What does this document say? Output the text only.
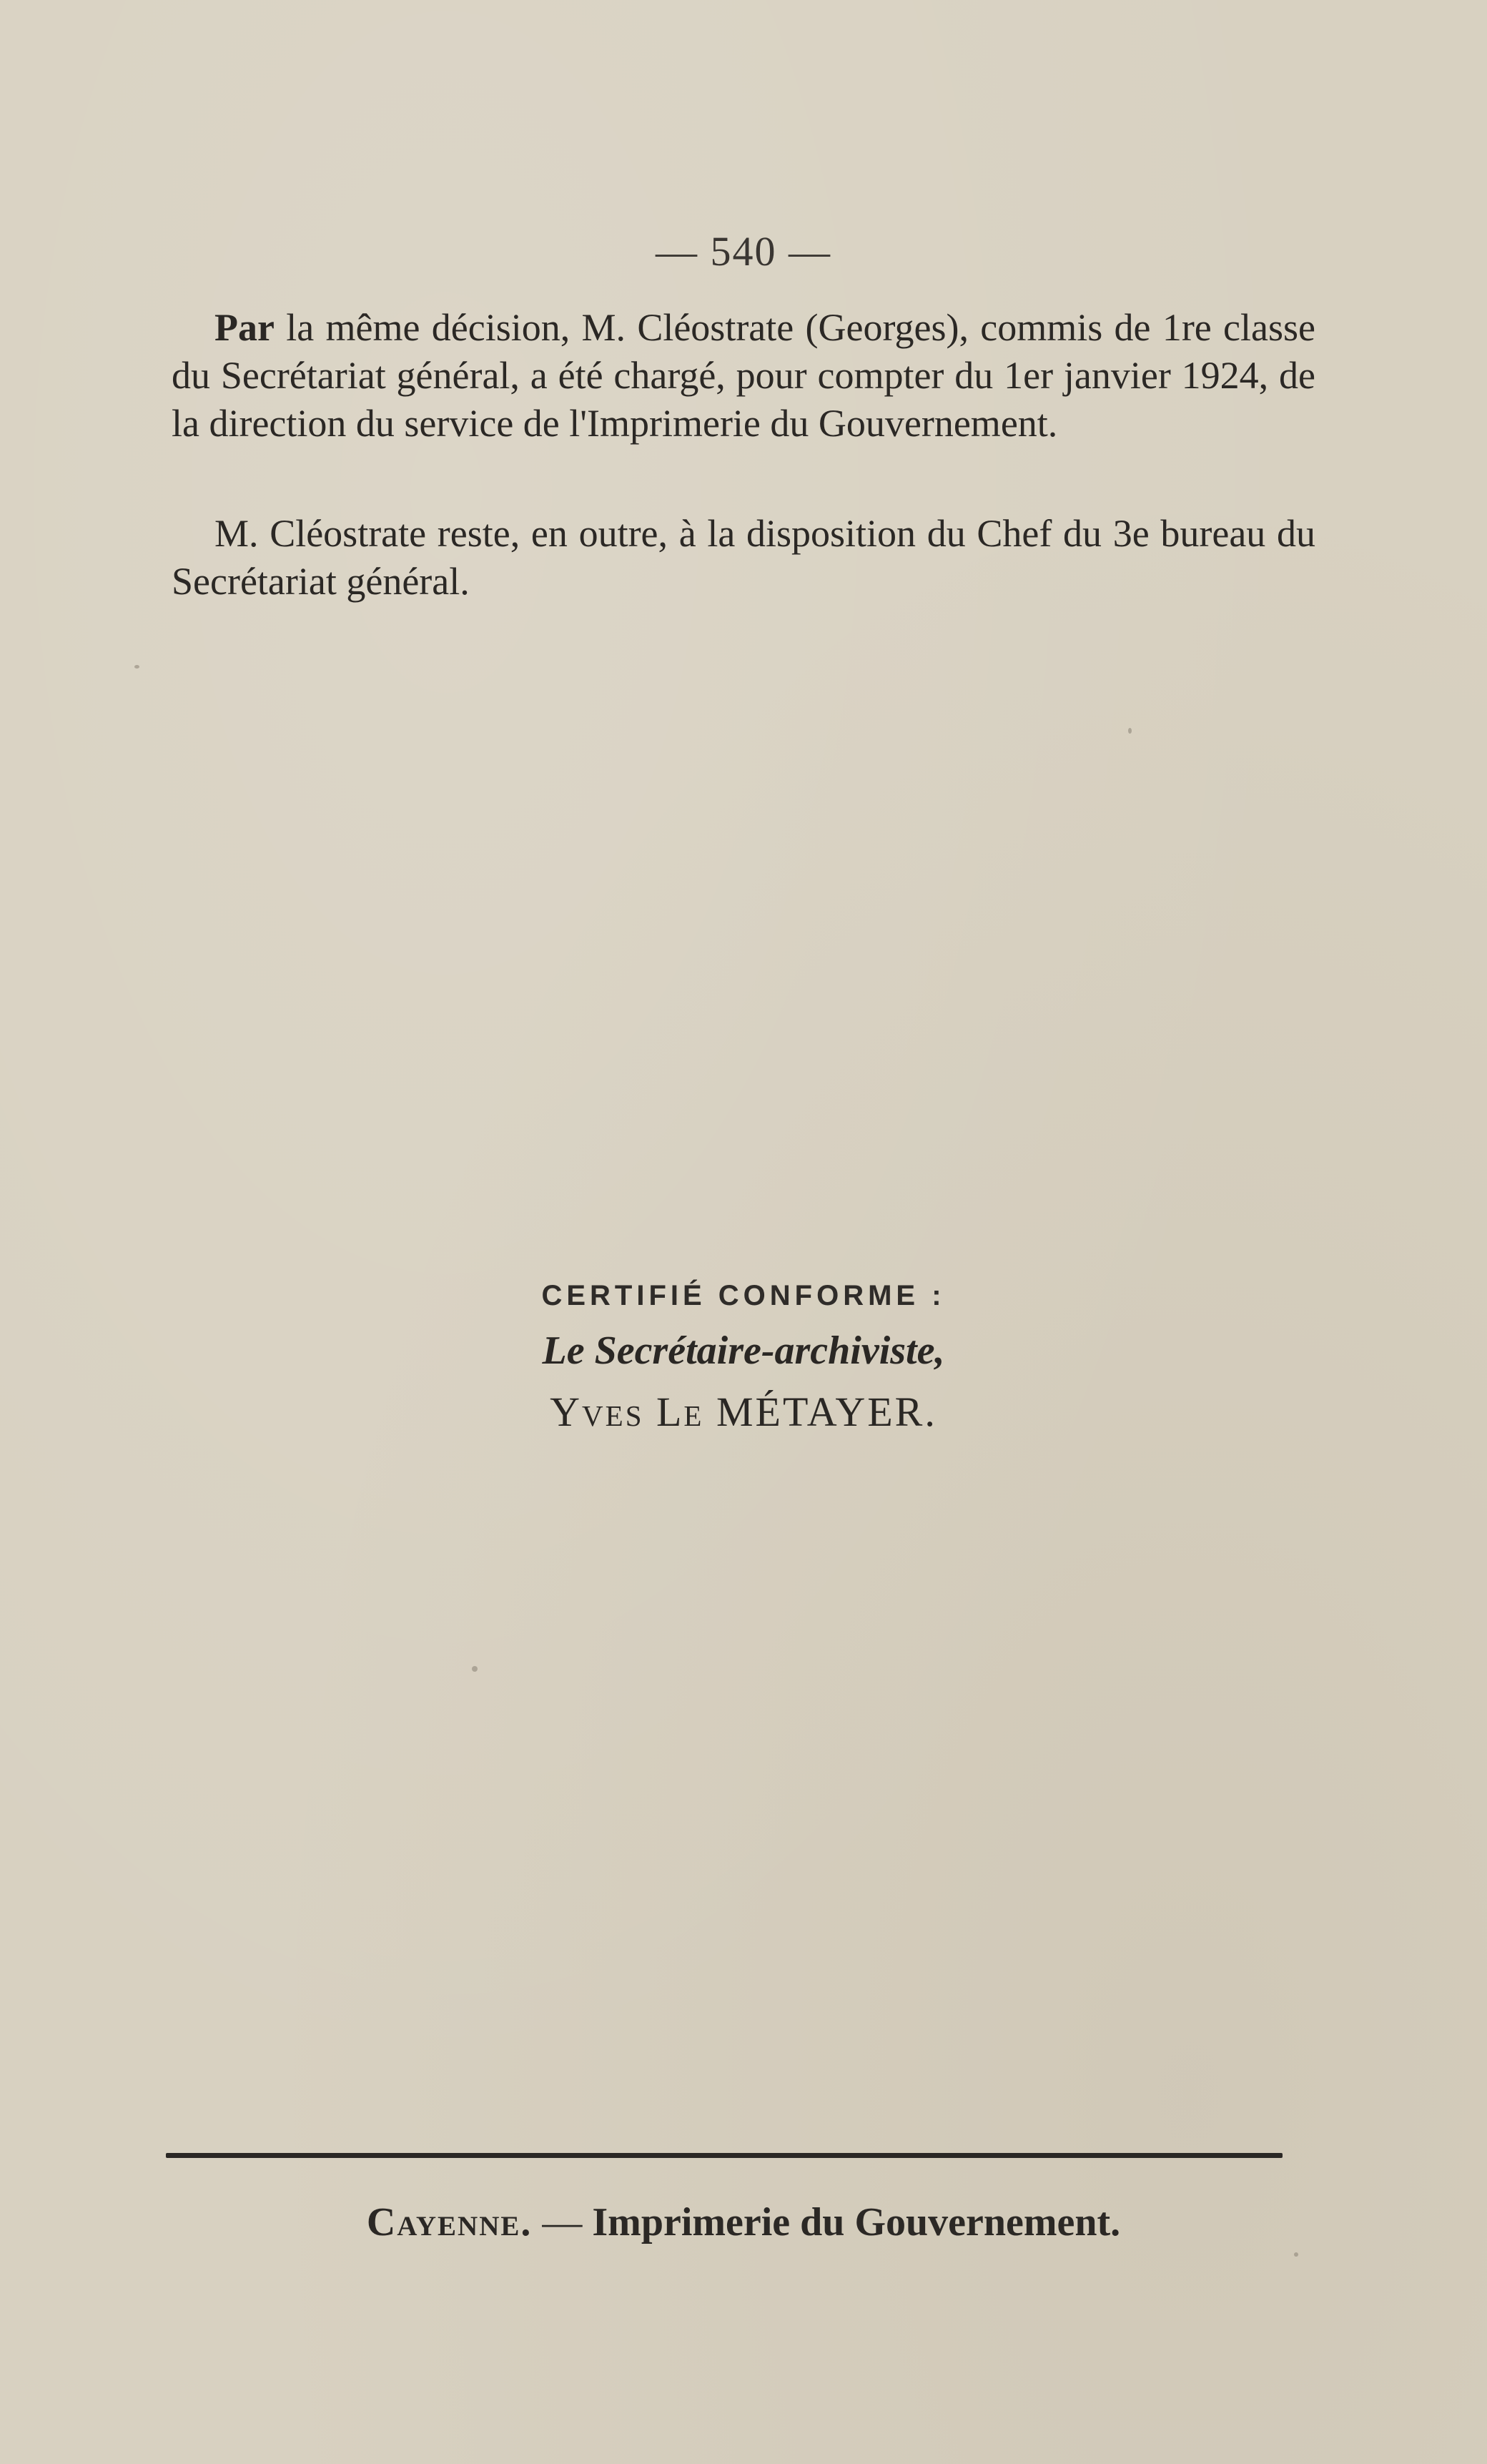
— 540 —

Par la même décision, M. Cléostrate (Georges), commis de 1re classe du Secrétariat général, a été chargé, pour compter du 1er janvier 1924, de la direction du service de l'Imprimerie du Gouvernement.

M. Cléostrate reste, en outre, à la disposition du Chef du 3e bureau du Secrétariat général.

CERTIFIÉ CONFORME :
Le Secrétaire-archiviste,
Yves Le MÉTAYER.
Cayenne. — Imprimerie du Gouvernement.
